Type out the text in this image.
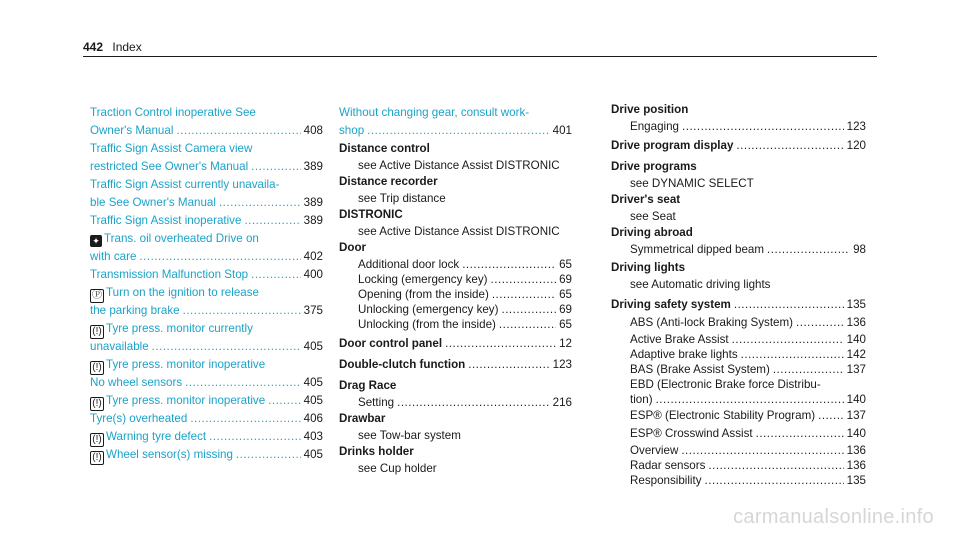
442 Index
Traction Control inoperative See
Owner's Manual .....	408
Traffic Sign Assist Camera view
restricted See Owner's Manual .....	389
Traffic Sign Assist currently unavaila-
ble See Owner's Manual .....	389
Traffic Sign Assist inoperative .....	389
✦ Trans. oil overheated Drive on
with care .....	402
Transmission Malfunction Stop .....	400
Ⓟ Turn on the ignition to release
the parking brake .....	375
(!) Tyre press. monitor currently
unavailable .....	405
(!) Tyre press. monitor inoperative
No wheel sensors .....	405
(!) Tyre press. monitor inoperative .....	405
Tyre(s) overheated .....	406
(!) Warning tyre defect .....	403
(!) Wheel sensor(s) missing .....	405
Without changing gear, consult work-
shop .....	401
Distance control
see Active Distance Assist DISTRONIC
Distance recorder
see Trip distance
DISTRONIC
see Active Distance Assist DISTRONIC
Door
Additional door lock .....	65
Locking (emergency key) .....	69
Opening (from the inside) .....	65
Unlocking (emergency key) .....	69
Unlocking (from the inside) .....	65
Door control panel .....	12
Double-clutch function .....	123
Drag Race
Setting .....	216
Drawbar
see Tow-bar system
Drinks holder
see Cup holder
Drive position
Engaging .....	123
Drive program display .....	120
Drive programs
see DYNAMIC SELECT
Driver's seat
see Seat
Driving abroad
Symmetrical dipped beam .....	98
Driving lights
see Automatic driving lights
Driving safety system .....	135
ABS (Anti-lock Braking System) .....	136
Active Brake Assist .....	140
Adaptive brake lights .....	142
BAS (Brake Assist System) .....	137
EBD (Electronic Brake force Distribu-
tion) .....	140
ESP® (Electronic Stability Program) .....	137
ESP® Crosswind Assist .....	140
Overview .....	136
Radar sensors .....	136
Responsibility .....	135
carmanualsonline.info
